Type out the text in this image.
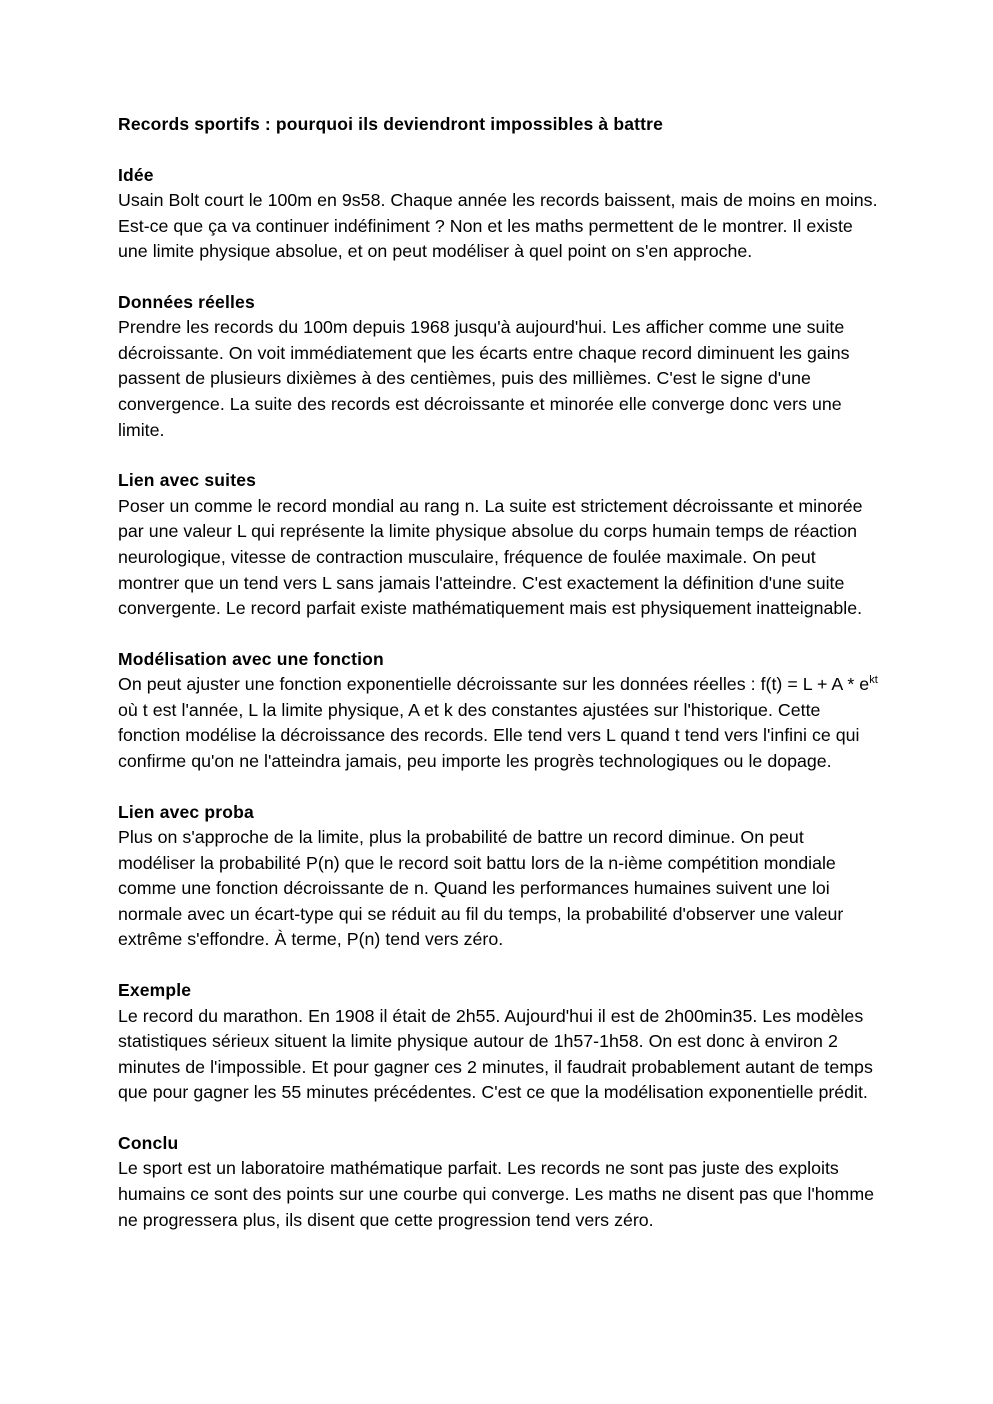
Records sportifs : pourquoi ils deviendront impossibles à battre
Idée

Usain Bolt court le 100m en 9s58. Chaque année les records baissent, mais de moins en moins. Est-ce que ça va continuer indéfiniment ? Non et les maths permettent de le montrer. Il existe une limite physique absolue, et on peut modéliser à quel point on s'en approche.

Données réelles

Prendre les records du 100m depuis 1968 jusqu'à aujourd'hui. Les afficher comme une suite décroissante. On voit immédiatement que les écarts entre chaque record diminuent les gains passent de plusieurs dixièmes à des centièmes, puis des millièmes. C'est le signe d'une convergence. La suite des records est décroissante et minorée elle converge donc vers une limite.

Lien avec suites

Poser un comme le record mondial au rang n. La suite est strictement décroissante et minorée par une valeur L qui représente la limite physique absolue du corps humain temps de réaction neurologique, vitesse de contraction musculaire, fréquence de foulée maximale. On peut montrer que un tend vers L sans jamais l'atteindre. C'est exactement la définition d'une suite convergente. Le record parfait existe mathématiquement mais est physiquement inatteignable.

Modélisation avec une fonction

On peut ajuster une fonction exponentielle décroissante sur les données réelles : $f(t) = L + A * e^{kt}$ où t est l'année, L la limite physique, A et k des constantes ajustées sur l'historique. Cette fonction modélise la décroissance des records. Elle tend vers L quand t tend vers l'infini ce qui confirme qu'on ne l'atteindra jamais, peu importe les progrès technologiques ou le dopage.

Lien avec proba

Plus on s'approche de la limite, plus la probabilité de battre un record diminue. On peut modéliser la probabilité P(n) que le record soit battu lors de la n-ième compétition mondiale comme une fonction décroissante de n. Quand les performances humaines suivent une loi normale avec un écart-type qui se réduit au fil du temps, la probabilité d'observer une valeur extrême s'effondre. À terme, P(n) tend vers zéro.

Exemple

Le record du marathon. En 1908 il était de 2h55. Aujourd'hui il est de 2h00min35. Les modèles statistiques sérieux situent la limite physique autour de 1h57-1h58. On est donc à environ 2 minutes de l'impossible. Et pour gagner ces 2 minutes, il faudrait probablement autant de temps que pour gagner les 55 minutes précédentes. C'est ce que la modélisation exponentielle prédit.

Conclu

Le sport est un laboratoire mathématique parfait. Les records ne sont pas juste des exploits humains ce sont des points sur une courbe qui converge. Les maths ne disent pas que l'homme ne progressera plus, ils disent que cette progression tend vers zéro.
